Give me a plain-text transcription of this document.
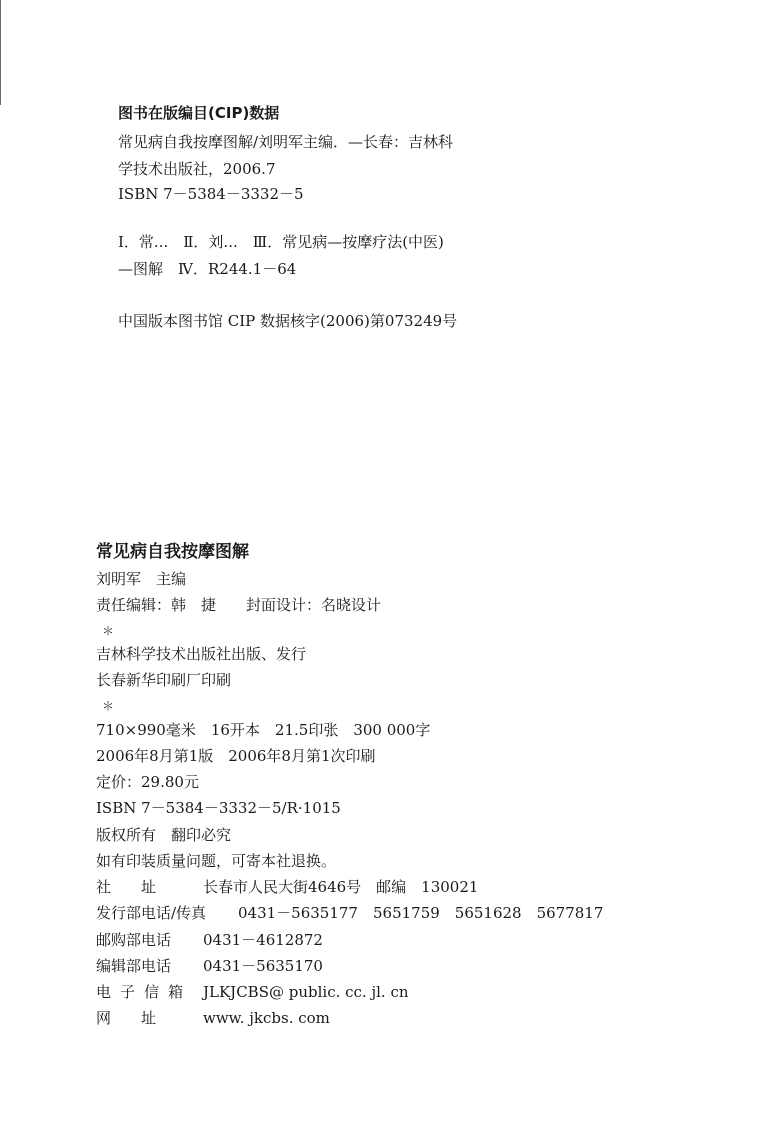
图书在版编目(CIP)数据
常见病自我按摩图解/刘明军主编．—长春：吉林科
学技术出版社，2006.7
ISBN 7－5384－3332－5
Ⅰ．常...　Ⅱ．刘...　Ⅲ．常见病—按摩疗法(中医)
—图解　Ⅳ．R244.1－64
中国版本图书馆 CIP 数据核字(2006)第073249号
常见病自我按摩图解
刘明军　主编
责任编辑：韩　捷　　封面设计：名晓设计
＊
吉林科学技术出版社出版、发行
长春新华印刷厂印刷
＊
710×990毫米　16开本　21.5印张　300 000字
2006年8月第1版　2006年8月第1次印刷
定价：29.80元
ISBN 7－5384－3332－5/R·1015
版权所有　翻印必究
如有印装质量问题，可寄本社退换。
社　　址	长春市人民大街4646号　邮编　130021
发行部电话/传真 0431－5635177　5651759　5651628　5677817
邮购部电话 0431－4612872
编辑部电话 0431－5635170
电子信箱 JLKJCBS@ public. cc. jl. cn
网　　址	www. jkcbs. com
